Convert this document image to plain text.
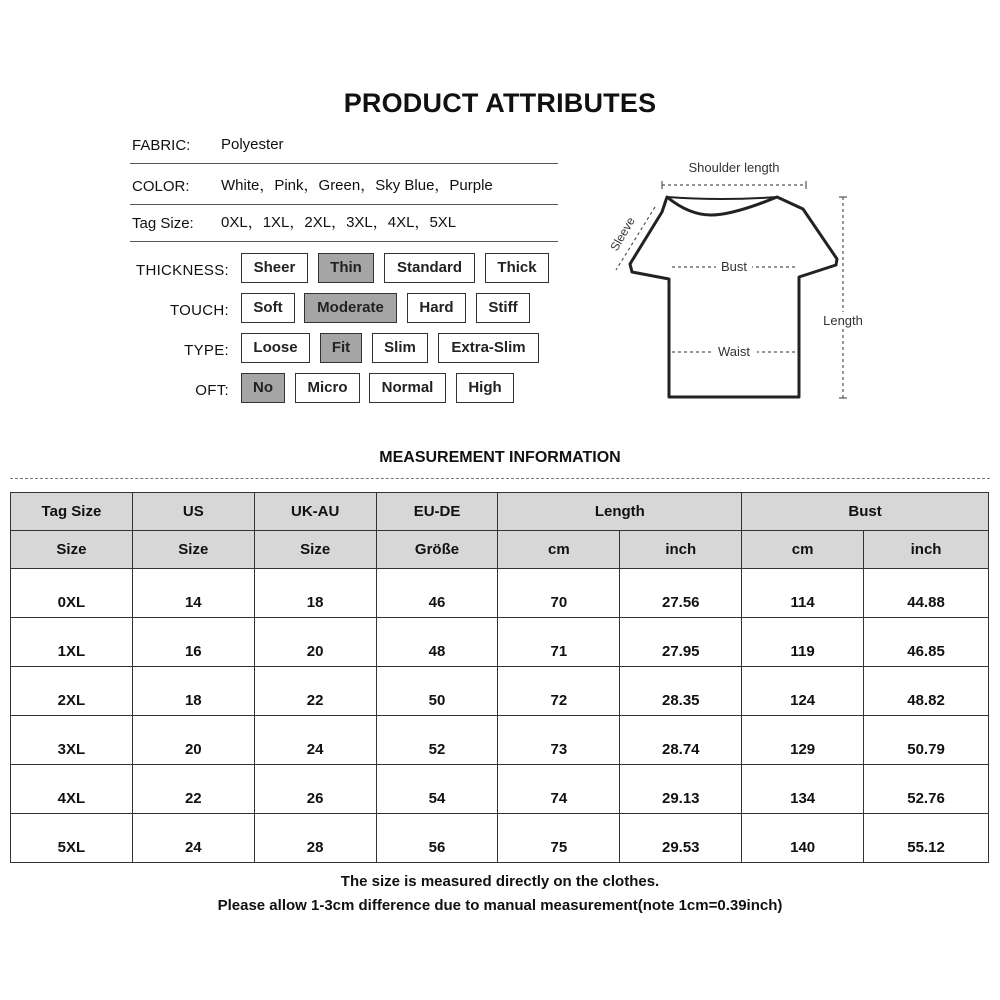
PRODUCT ATTRIBUTES
FABRIC: Polyester
COLOR: White，Pink，Green，Sky Blue，Purple
Tag Size: 0XL，1XL，2XL，3XL，4XL，5XL
THICKNESS:	Sheer	Thin	Standard	Thick
TOUCH:	Soft	Moderate	Hard	Stiff
TYPE:	Loose	Fit	Slim	Extra-Slim
OFT:	No	Micro	Normal	High
Shoulder length
Sleeve
Bust
Waist
Length
MEASUREMENT INFORMATION
Tag Size	US	UK-AU	EU-DE	Length		Bust	
Size	Size	Size	Größe	cm	inch	cm	inch
0XL	14	18	46	70	27.56	114	44.88
1XL	16	20	48	71	27.95	119	46.85
2XL	18	22	50	72	28.35	124	48.82
3XL	20	24	52	73	28.74	129	50.79
4XL	22	26	54	74	29.13	134	52.76
5XL	24	28	56	75	29.53	140	55.12
The size is measured directly on the clothes.
Please allow 1-3cm difference due to manual measurement(note 1cm=0.39inch)
